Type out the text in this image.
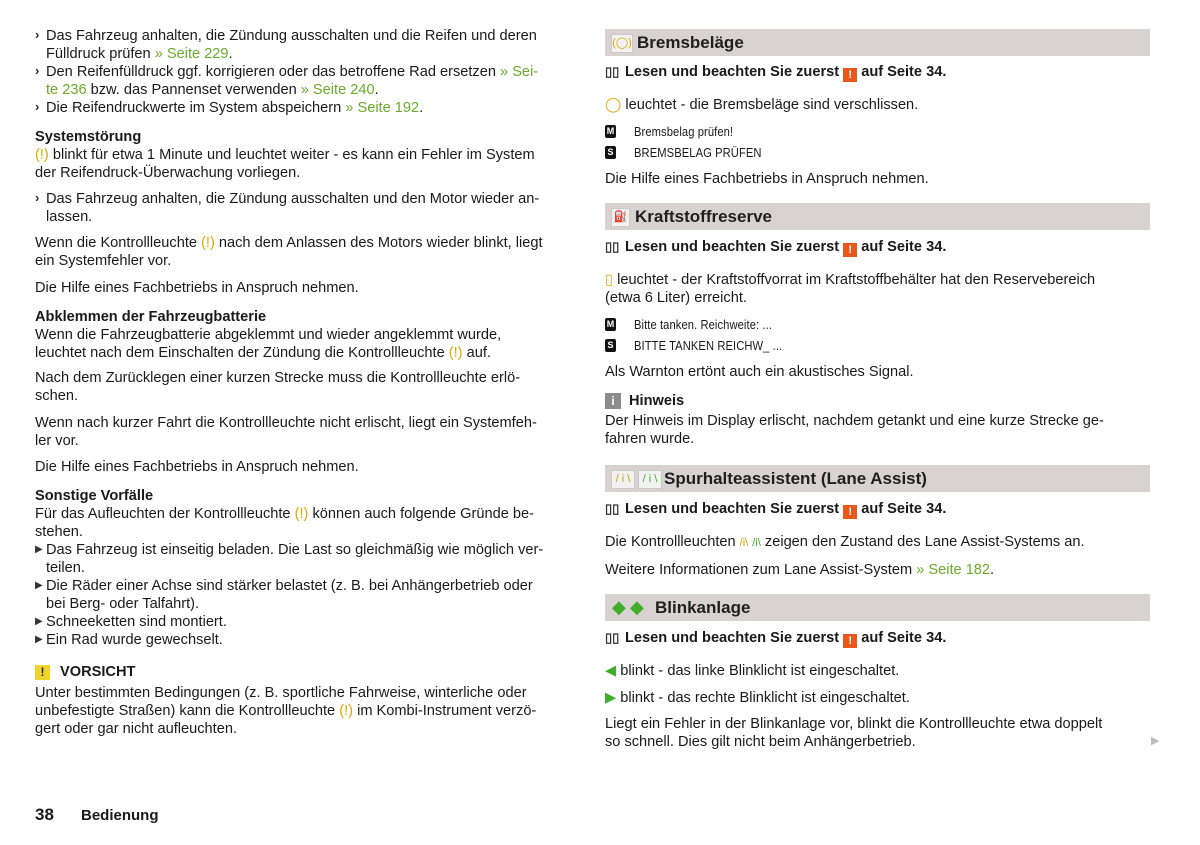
› Das Fahrzeug anhalten, die Zündung ausschalten und die Reifen und deren

Fülldruck prüfen » Seite 229.

› Den Reifenfülldruck ggf. korrigieren oder das betroffene Rad ersetzen » Sei-

te 236 bzw. das Pannenset verwenden » Seite 240.

› Die Reifendruckwerte im System abspeichern » Seite 192.

Systemstörung

(!) blinkt für etwa 1 Minute und leuchtet weiter - es kann ein Fehler im System

der Reifendruck-Überwachung vorliegen.

› Das Fahrzeug anhalten, die Zündung ausschalten und den Motor wieder an-

lassen.

Wenn die Kontrollleuchte (!) nach dem Anlassen des Motors wieder blinkt, liegt

ein Systemfehler vor.

Die Hilfe eines Fachbetriebs in Anspruch nehmen.

Abklemmen der Fahrzeugbatterie

Wenn die Fahrzeugbatterie abgeklemmt und wieder angeklemmt wurde,

leuchtet nach dem Einschalten der Zündung die Kontrollleuchte (!) auf.

Nach dem Zurücklegen einer kurzen Strecke muss die Kontrollleuchte erlö-

schen.

Wenn nach kurzer Fahrt die Kontrollleuchte nicht erlischt, liegt ein Systemfeh-

ler vor.

Die Hilfe eines Fachbetriebs in Anspruch nehmen.

Sonstige Vorfälle

Für das Aufleuchten der Kontrollleuchte (!) können auch folgende Gründe be-

stehen.

▶ Das Fahrzeug ist einseitig beladen. Die Last so gleichmäßig wie möglich ver-

teilen.

▶ Die Räder einer Achse sind stärker belastet (z. B. bei Anhängerbetrieb oder

bei Berg- oder Talfahrt).

▶ Schneeketten sind montiert.

▶ Ein Rad wurde gewechselt.

! VORSICHT

Unter bestimmten Bedingungen (z. B. sportliche Fahrweise, winterliche oder

unbefestigte Straßen) kann die Kontrollleuchte (!) im Kombi-Instrument verzö-

gert oder gar nicht aufleuchten.

(◯) Bremsbeläge
▯▯ Lesen und beachten Sie zuerst ! auf Seite 34.

◯ leuchtet - die Bremsbeläge sind verschlissen.

M Bremsbelag prüfen!
S BREMSBELAG PRÜFEN

Die Hilfe eines Fachbetriebs in Anspruch nehmen.

⛽ Kraftstoffreserve
▯▯ Lesen und beachten Sie zuerst ! auf Seite 34.

▯ leuchtet - der Kraftstoffvorrat im Kraftstoffbehälter hat den Reservebereich

(etwa 6 Liter) erreicht.

M Bitte tanken. Reichweite: ...
S BITTE TANKEN REICHW_ ...

Als Warnton ertönt auch ein akustisches Signal.

i Hinweis

Der Hinweis im Display erlischt, nachdem getankt und eine kurze Strecke ge-

fahren wurde.

/ i \	/ i \ Spurhalteassistent (Lane Assist)
▯▯ Lesen und beachten Sie zuerst ! auf Seite 34.

Die Kontrollleuchten /i\ /i\ zeigen den Zustand des Lane Assist-Systems an.

Weitere Informationen zum Lane Assist-System » Seite 182.

◆ ◆ Blinkanlage
▯▯ Lesen und beachten Sie zuerst ! auf Seite 34.

◀ blinkt - das linke Blinklicht ist eingeschaltet.

▶ blinkt - das rechte Blinklicht ist eingeschaltet.

Liegt ein Fehler in der Blinkanlage vor, blinkt die Kontrollleuchte etwa doppelt

so schnell. Dies gilt nicht beim Anhängerbetrieb.	▶
38 Bedienung
